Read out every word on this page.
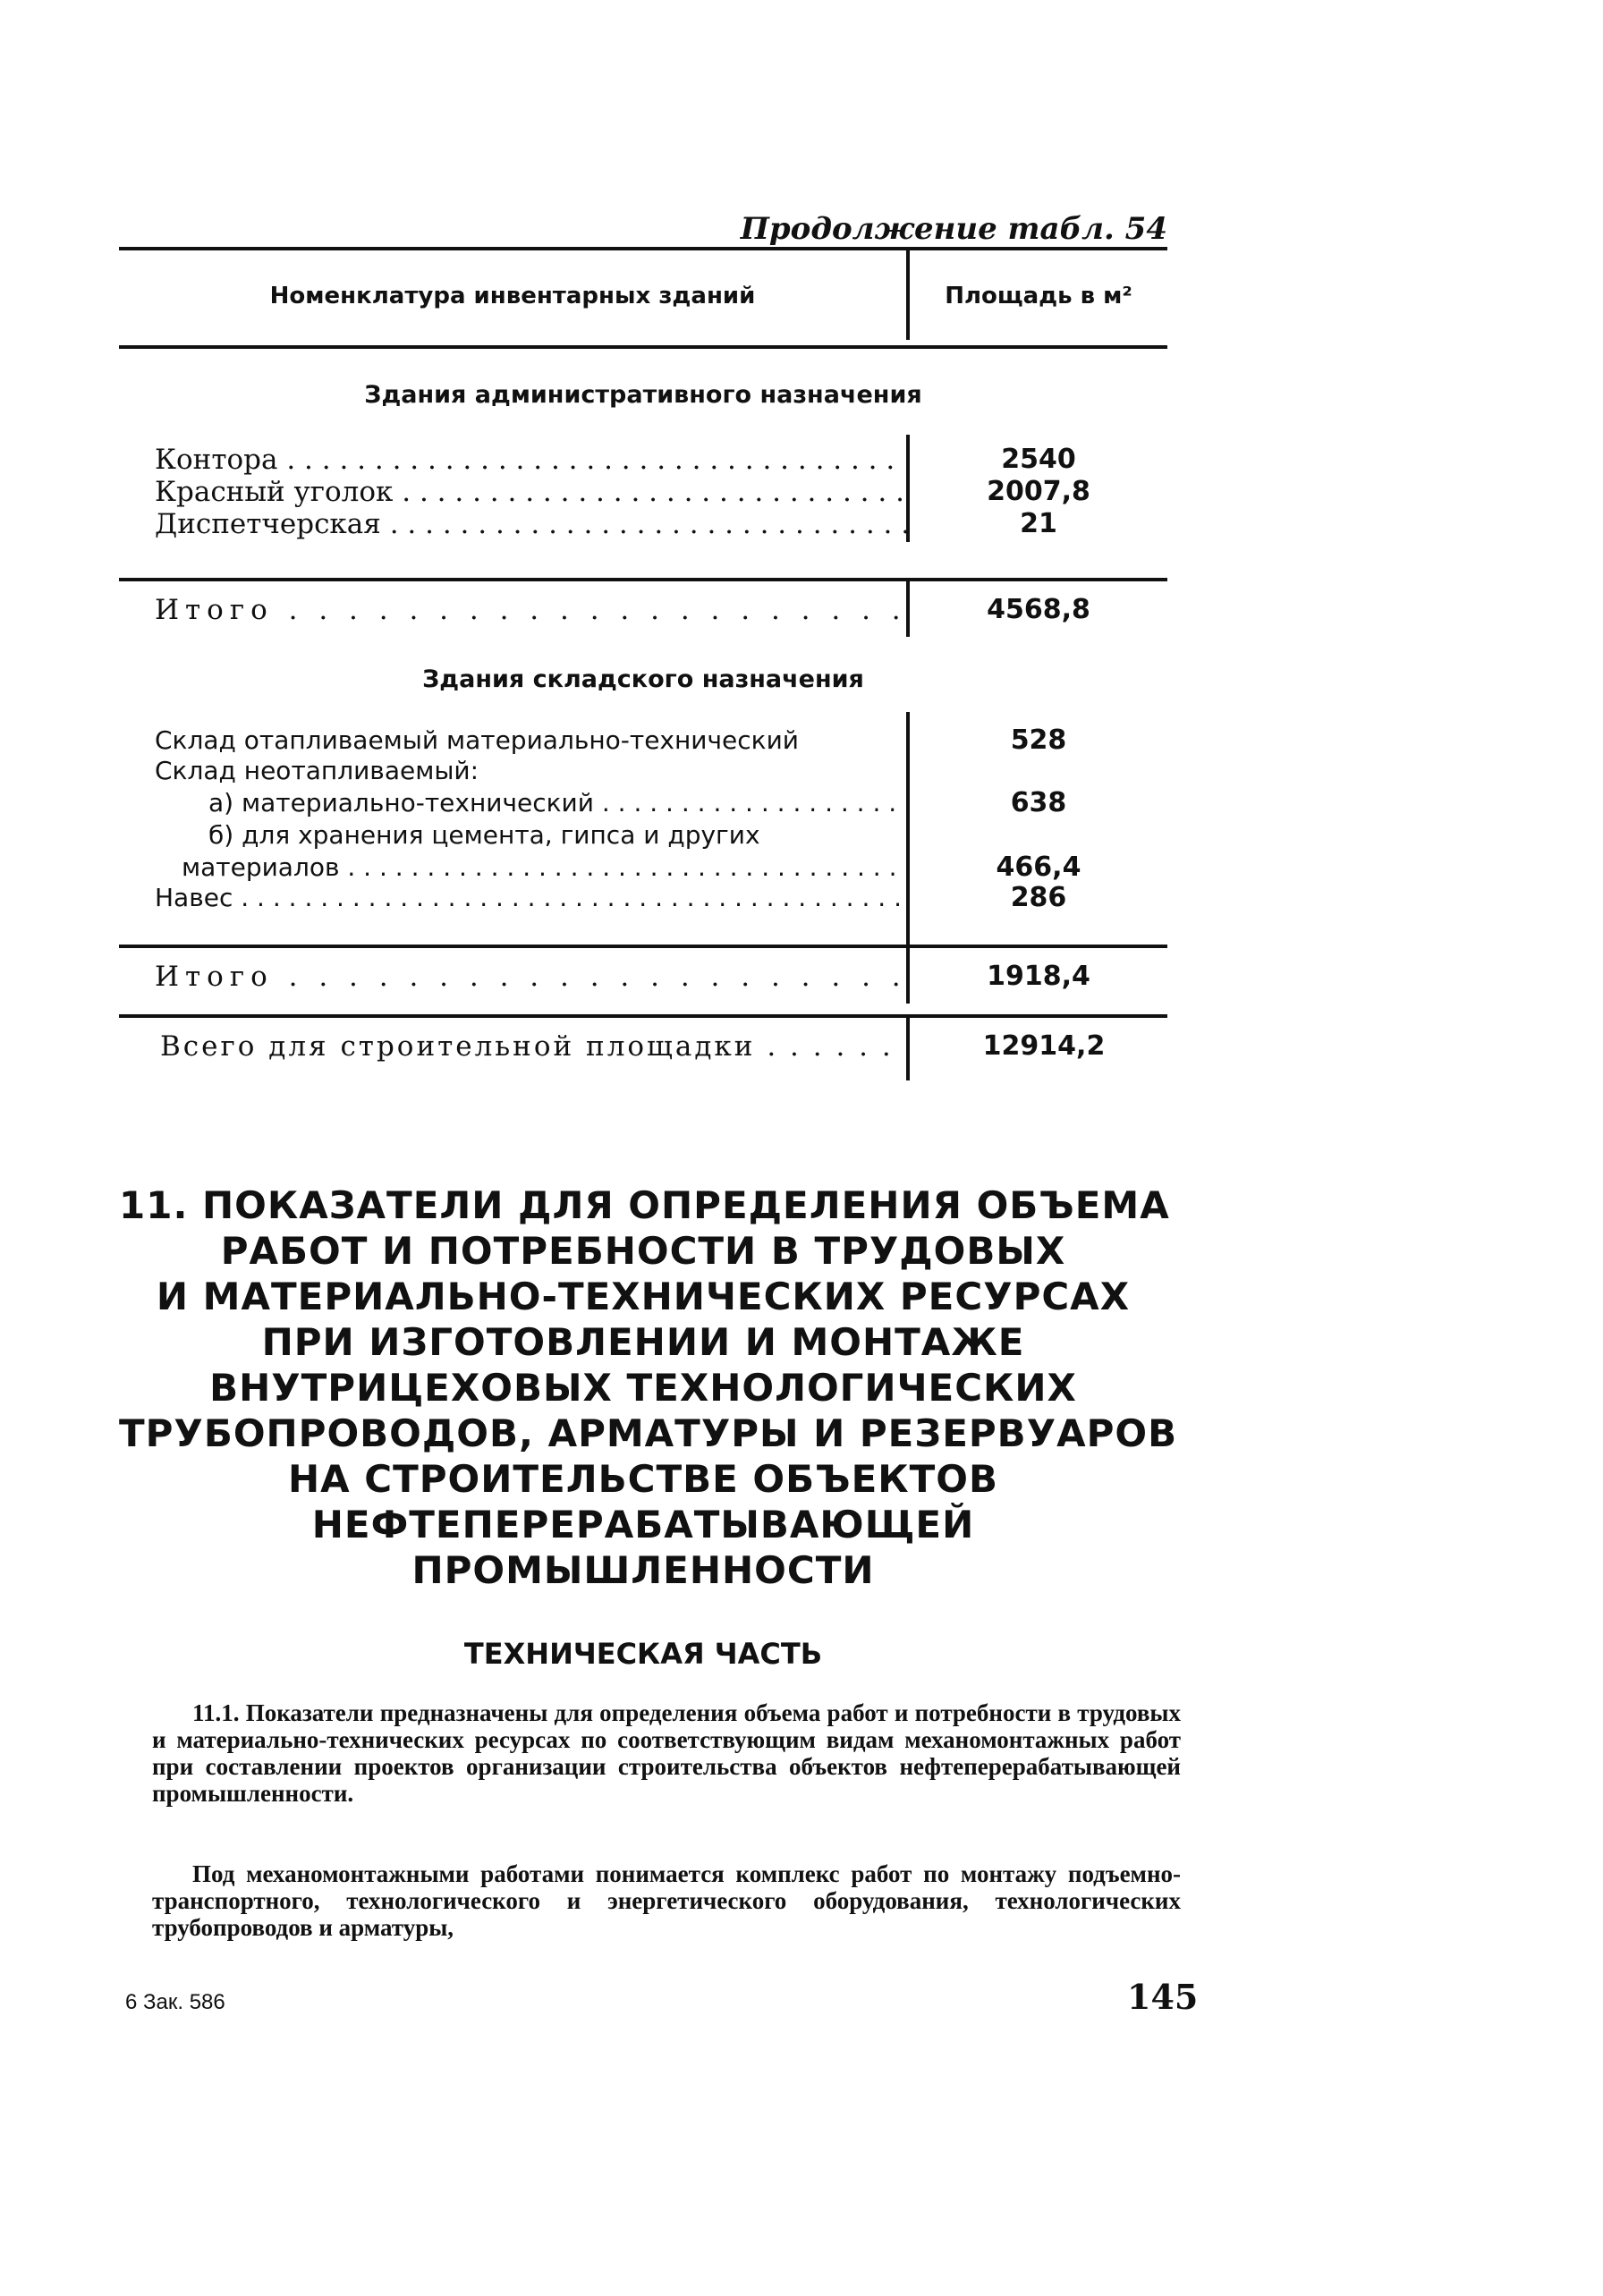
Продолжение табл. 54
Номенклатура инвентарных зданий	Площадь в м²
Здания административного назначения
Контора . . .	2540
Красный уголок . . .	2007,8
Диспетчерская . . .	21
Итого . . .	4568,8
Здания складского назначения
Склад отапливаемый материально-технический	528
Склад неотапливаемый:
а) материально-технический . . .	638
б) для хранения цемента, гипса и других
материалов . . .	466,4
Навес . . .	286
Итого . . .	1918,4
Всего для строительной площадки . . .	12914,2
11. ПОКАЗАТЕЛИ ДЛЯ ОПРЕДЕЛЕНИЯ ОБЪЕМА
РАБОТ И ПОТРЕБНОСТИ В ТРУДОВЫХ
И МАТЕРИАЛЬНО-ТЕХНИЧЕСКИХ РЕСУРСАХ
ПРИ ИЗГОТОВЛЕНИИ И МОНТАЖЕ
ВНУТРИЦЕХОВЫХ ТЕХНОЛОГИЧЕСКИХ
ТРУБОПРОВОДОВ, АРМАТУРЫ И РЕЗЕРВУАРОВ
НА СТРОИТЕЛЬСТВЕ ОБЪЕКТОВ
НЕФТЕПЕРЕРАБАТЫВАЮЩЕЙ
ПРОМЫШЛЕННОСТИ
ТЕХНИЧЕСКАЯ ЧАСТЬ
11.1. Показатели предназначены для определения объема работ и потребности в трудовых и материально-технических ресурсах по соответствующим видам механомонтажных работ при составлении проектов организации строительства объектов нефтеперерабатывающей промышленности.
Под механомонтажными работами понимается комплекс работ по монтажу подъемно-транспортного, технологического и энергетического оборудования, технологических трубопроводов и арматуры,
6 Зак. 586	145
